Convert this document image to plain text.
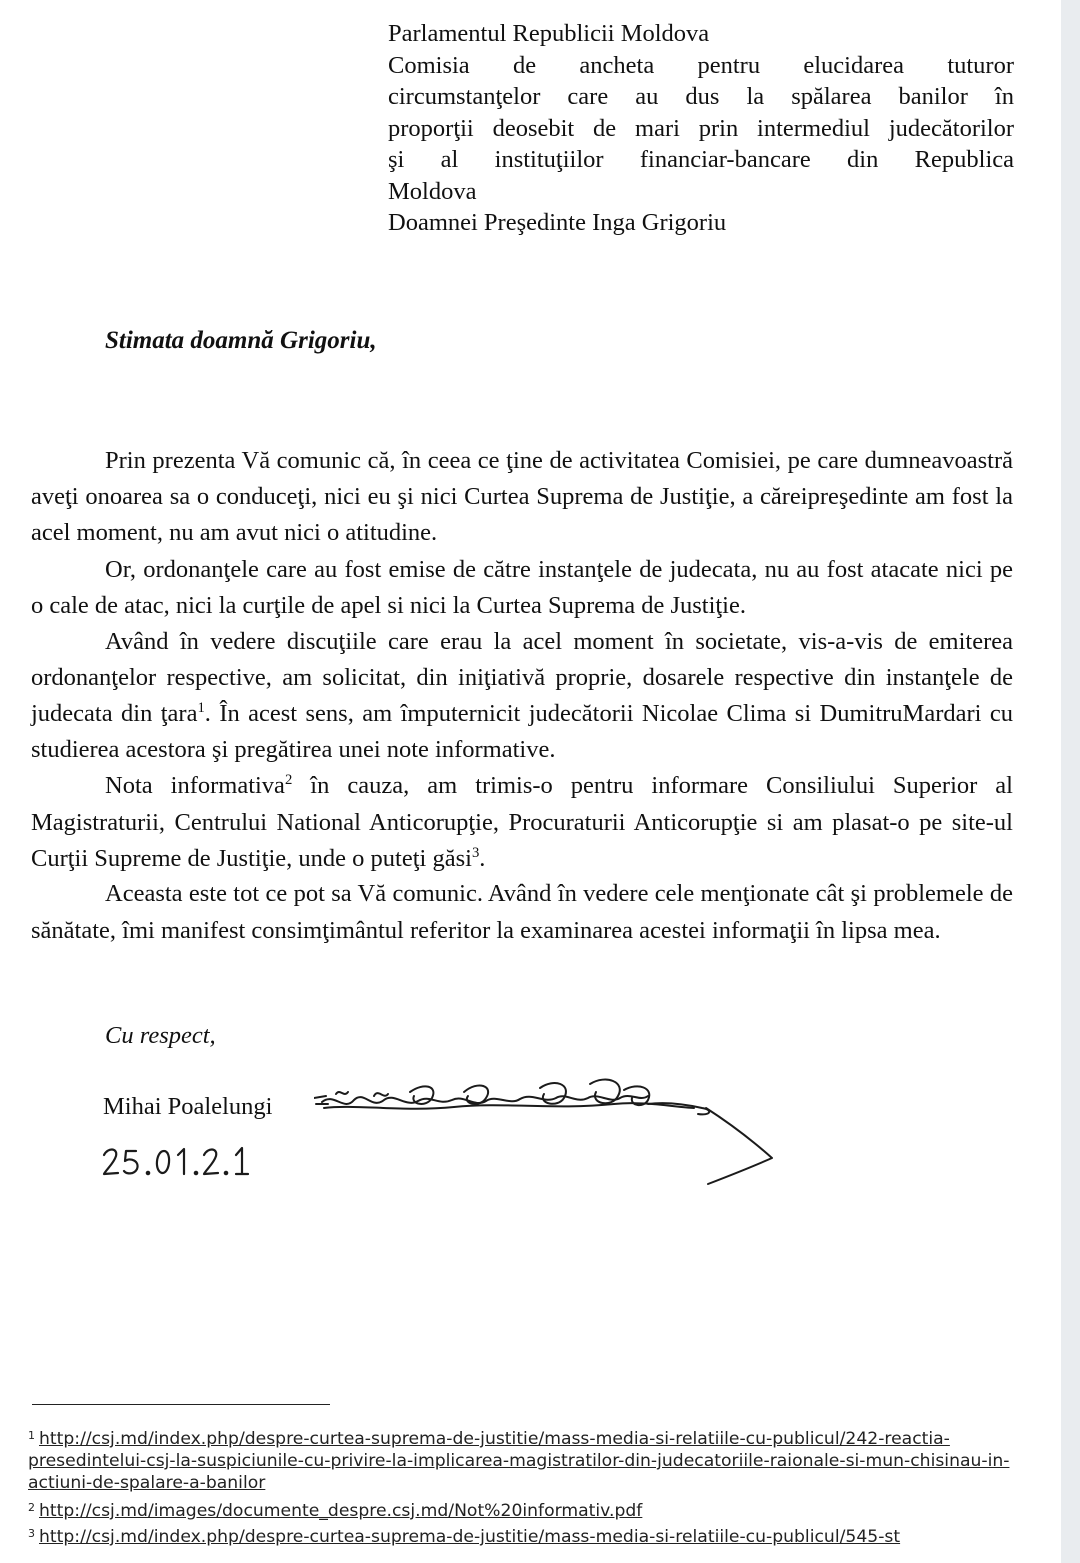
Parlamentul Republicii Moldova
Comisia de ancheta pentru elucidarea tuturor
circumstanţelor care au dus la spălarea banilor în
proporţii deosebit de mari prin intermediul judecătorilor
şi al instituţiilor financiar-bancare din Republica
Moldova
Doamnei Preşedinte Inga Grigoriu
Stimata doamnă Grigoriu,

Prin prezenta Vă comunic că, în ceea ce ţine de activitatea Comisiei, pe care dumneavoastră aveţi onoarea sa o conduceţi, nici eu şi nici Curtea Suprema de Justiţie, a căreipreşedinte am fost la acel moment, nu am avut nici o atitudine.

Or, ordonanţele care au fost emise de către instanţele de judecata, nu au fost atacate nici pe o cale de atac, nici la curţile de apel si nici la Curtea Suprema de Justiţie.

Având în vedere discuţiile care erau la acel moment în societate, vis-a-vis de emiterea ordonanţelor respective, am solicitat, din iniţiativă proprie, dosarele respective din instanţele de judecata din ţara$^1$. În acest sens, am împuternicit judecătorii Nicolae Clima si DumitruMardari cu studierea acestora şi pregătirea unei note informative.

Nota informativa$^2$ în cauza, am trimis-o pentru informare Consiliului Superior al Magistraturii, Centrului National Anticorupţie, Procuraturii Anticorupţie si am plasat-o pe site-ul Curţii Supreme de Justiţie, unde o puteţi găsi$^3$.

Aceasta este tot ce pot sa Vă comunic. Având în vedere cele menţionate cât şi problemele de sănătate, îmi manifest consimţimântul referitor la examinarea acestei informaţii în lipsa mea.

Cu respect,
Mihai Poalelungi
$^1$ http://csj.md/index.php/despre-curtea-suprema-de-justitie/mass-media-si-relatiile-cu-publicul/242-reactia-
presedintelui-csj-la-suspiciunile-cu-privire-la-implicarea-magistratilor-din-judecatoriile-raionale-si-mun-chisinau-in-
actiuni-de-spalare-a-banilor
$^2$ http://csj.md/images/documente_despre.csj.md/Not%20informativ.pdf
$^3$ http://csj.md/index.php/despre-curtea-suprema-de-justitie/mass-media-si-relatiile-cu-publicul/545-st
